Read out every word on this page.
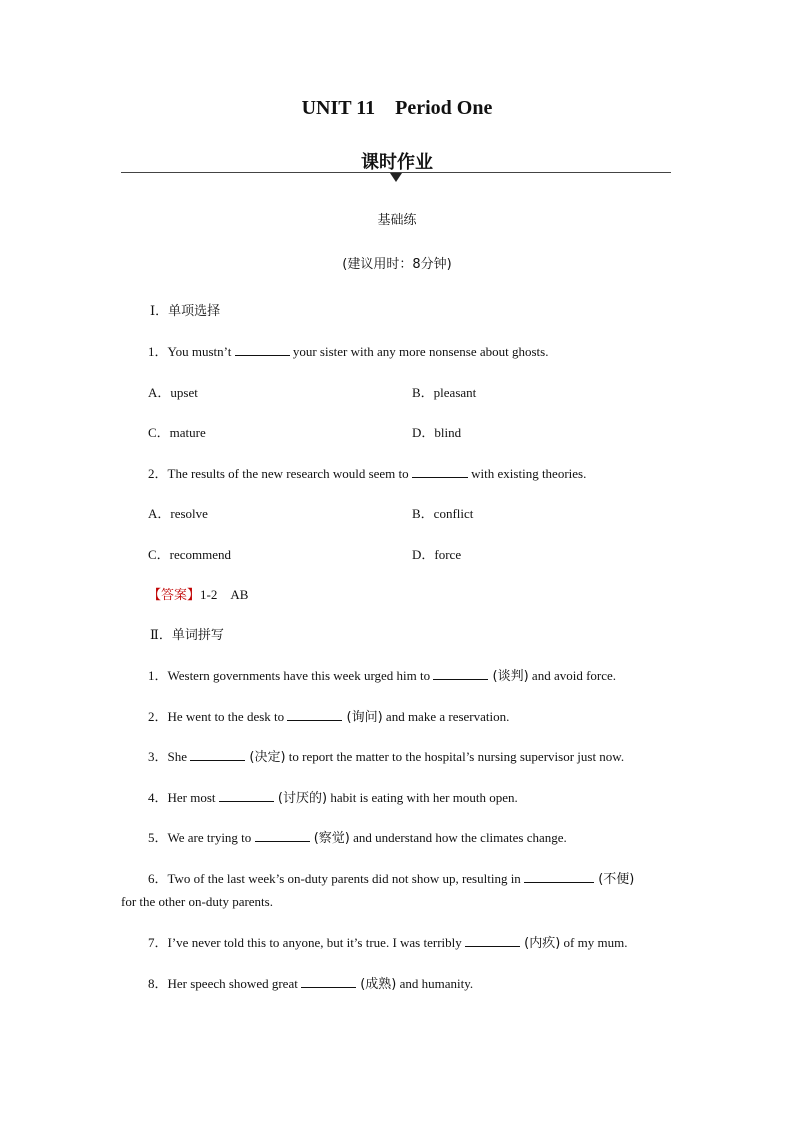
UNIT 11    Period One
课时作业
基础练
(建议用时：8分钟)
Ⅰ．单项选择
1．You mustn’t	your sister with any more nonsense about ghosts.
A．upset	B．pleasant
C．mature	D．blind
2．The results of the new research would seem to	with existing theories.
A．resolve	B．conflict
C．recommend	D．force
【答案】1-2    AB
Ⅱ．单词拼写
1．Western governments have this week urged him to	(谈判) and avoid force.
2．He went to the desk to	(询问) and make a reservation.
3．She	(决定) to report the matter to the hospital’s nursing supervisor just now.
4．Her most	(讨厌的) habit is eating with her mouth open.
5．We are trying to	(察觉) and understand how the climates change.
6．Two of the last week’s on-duty parents did not show up, resulting in	(不便)
for the other on-duty parents.
7．I’ve never told this to anyone, but it’s true. I was terribly	(内疚) of my mum.
8．Her speech showed great	(成熟) and humanity.
